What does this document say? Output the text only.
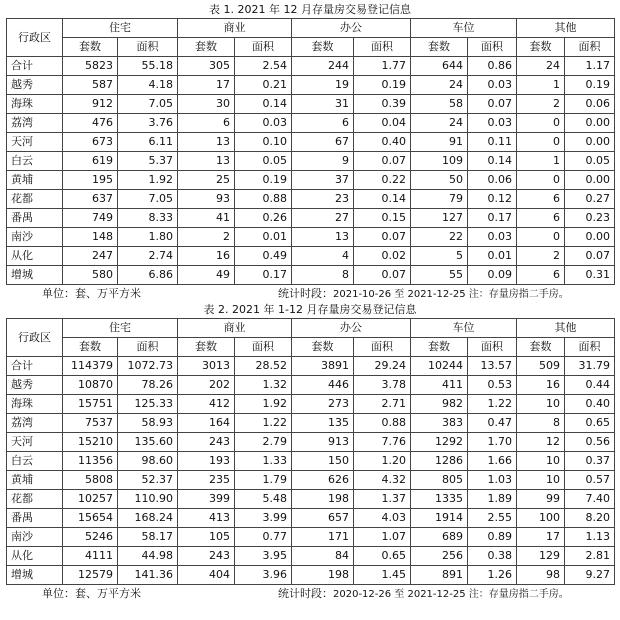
表 1. 2021 年 12 月存量房交易登记信息
行政区	住宅		商业		办公		车位		其他	
	套数	面积	套数	面积	套数	面积	套数	面积	套数	面积
合计	5823	55.18	305	2.54	244	1.77	644	0.86	24	1.17
越秀	587	4.18	17	0.21	19	0.19	24	0.03	1	0.19
海珠	912	7.05	30	0.14	31	0.39	58	0.07	2	0.06
荔湾	476	3.76	6	0.03	6	0.04	24	0.03	0	0.00
天河	673	6.11	13	0.10	67	0.40	91	0.11	0	0.00
白云	619	5.37	13	0.05	9	0.07	109	0.14	1	0.05
黄埔	195	1.92	25	0.19	37	0.22	50	0.06	0	0.00
花都	637	7.05	93	0.88	23	0.14	79	0.12	6	0.27
番禺	749	8.33	41	0.26	27	0.15	127	0.17	6	0.23
南沙	148	1.80	2	0.01	13	0.07	22	0.03	0	0.00
从化	247	2.74	16	0.49	4	0.02	5	0.01	2	0.07
增城	580	6.86	49	0.17	8	0.07	55	0.09	6	0.31
单位：套、万平方米	统计时段：2021-10-26 至 2021-12-25 注：存量房指二手房。
表 2. 2021 年 1-12 月存量房交易登记信息
行政区	住宅		商业		办公		车位		其他	
	套数	面积	套数	面积	套数	面积	套数	面积	套数	面积
合计	114379	1072.73	3013	28.52	3891	29.24	10244	13.57	509	31.79
越秀	10870	78.26	202	1.32	446	3.78	411	0.53	16	0.44
海珠	15751	125.33	412	1.92	273	2.71	982	1.22	10	0.40
荔湾	7537	58.93	164	1.22	135	0.88	383	0.47	8	0.65
天河	15210	135.60	243	2.79	913	7.76	1292	1.70	12	0.56
白云	11356	98.60	193	1.33	150	1.20	1286	1.66	10	0.37
黄埔	5808	52.37	235	1.79	626	4.32	805	1.03	10	0.57
花都	10257	110.90	399	5.48	198	1.37	1335	1.89	99	7.40
番禺	15654	168.24	413	3.99	657	4.03	1914	2.55	100	8.20
南沙	5246	58.17	105	0.77	171	1.07	689	0.89	17	1.13
从化	4111	44.98	243	3.95	84	0.65	256	0.38	129	2.81
增城	12579	141.36	404	3.96	198	1.45	891	1.26	98	9.27
单位：套、万平方米	统计时段：2020-12-26 至 2021-12-25 注：存量房指二手房。
